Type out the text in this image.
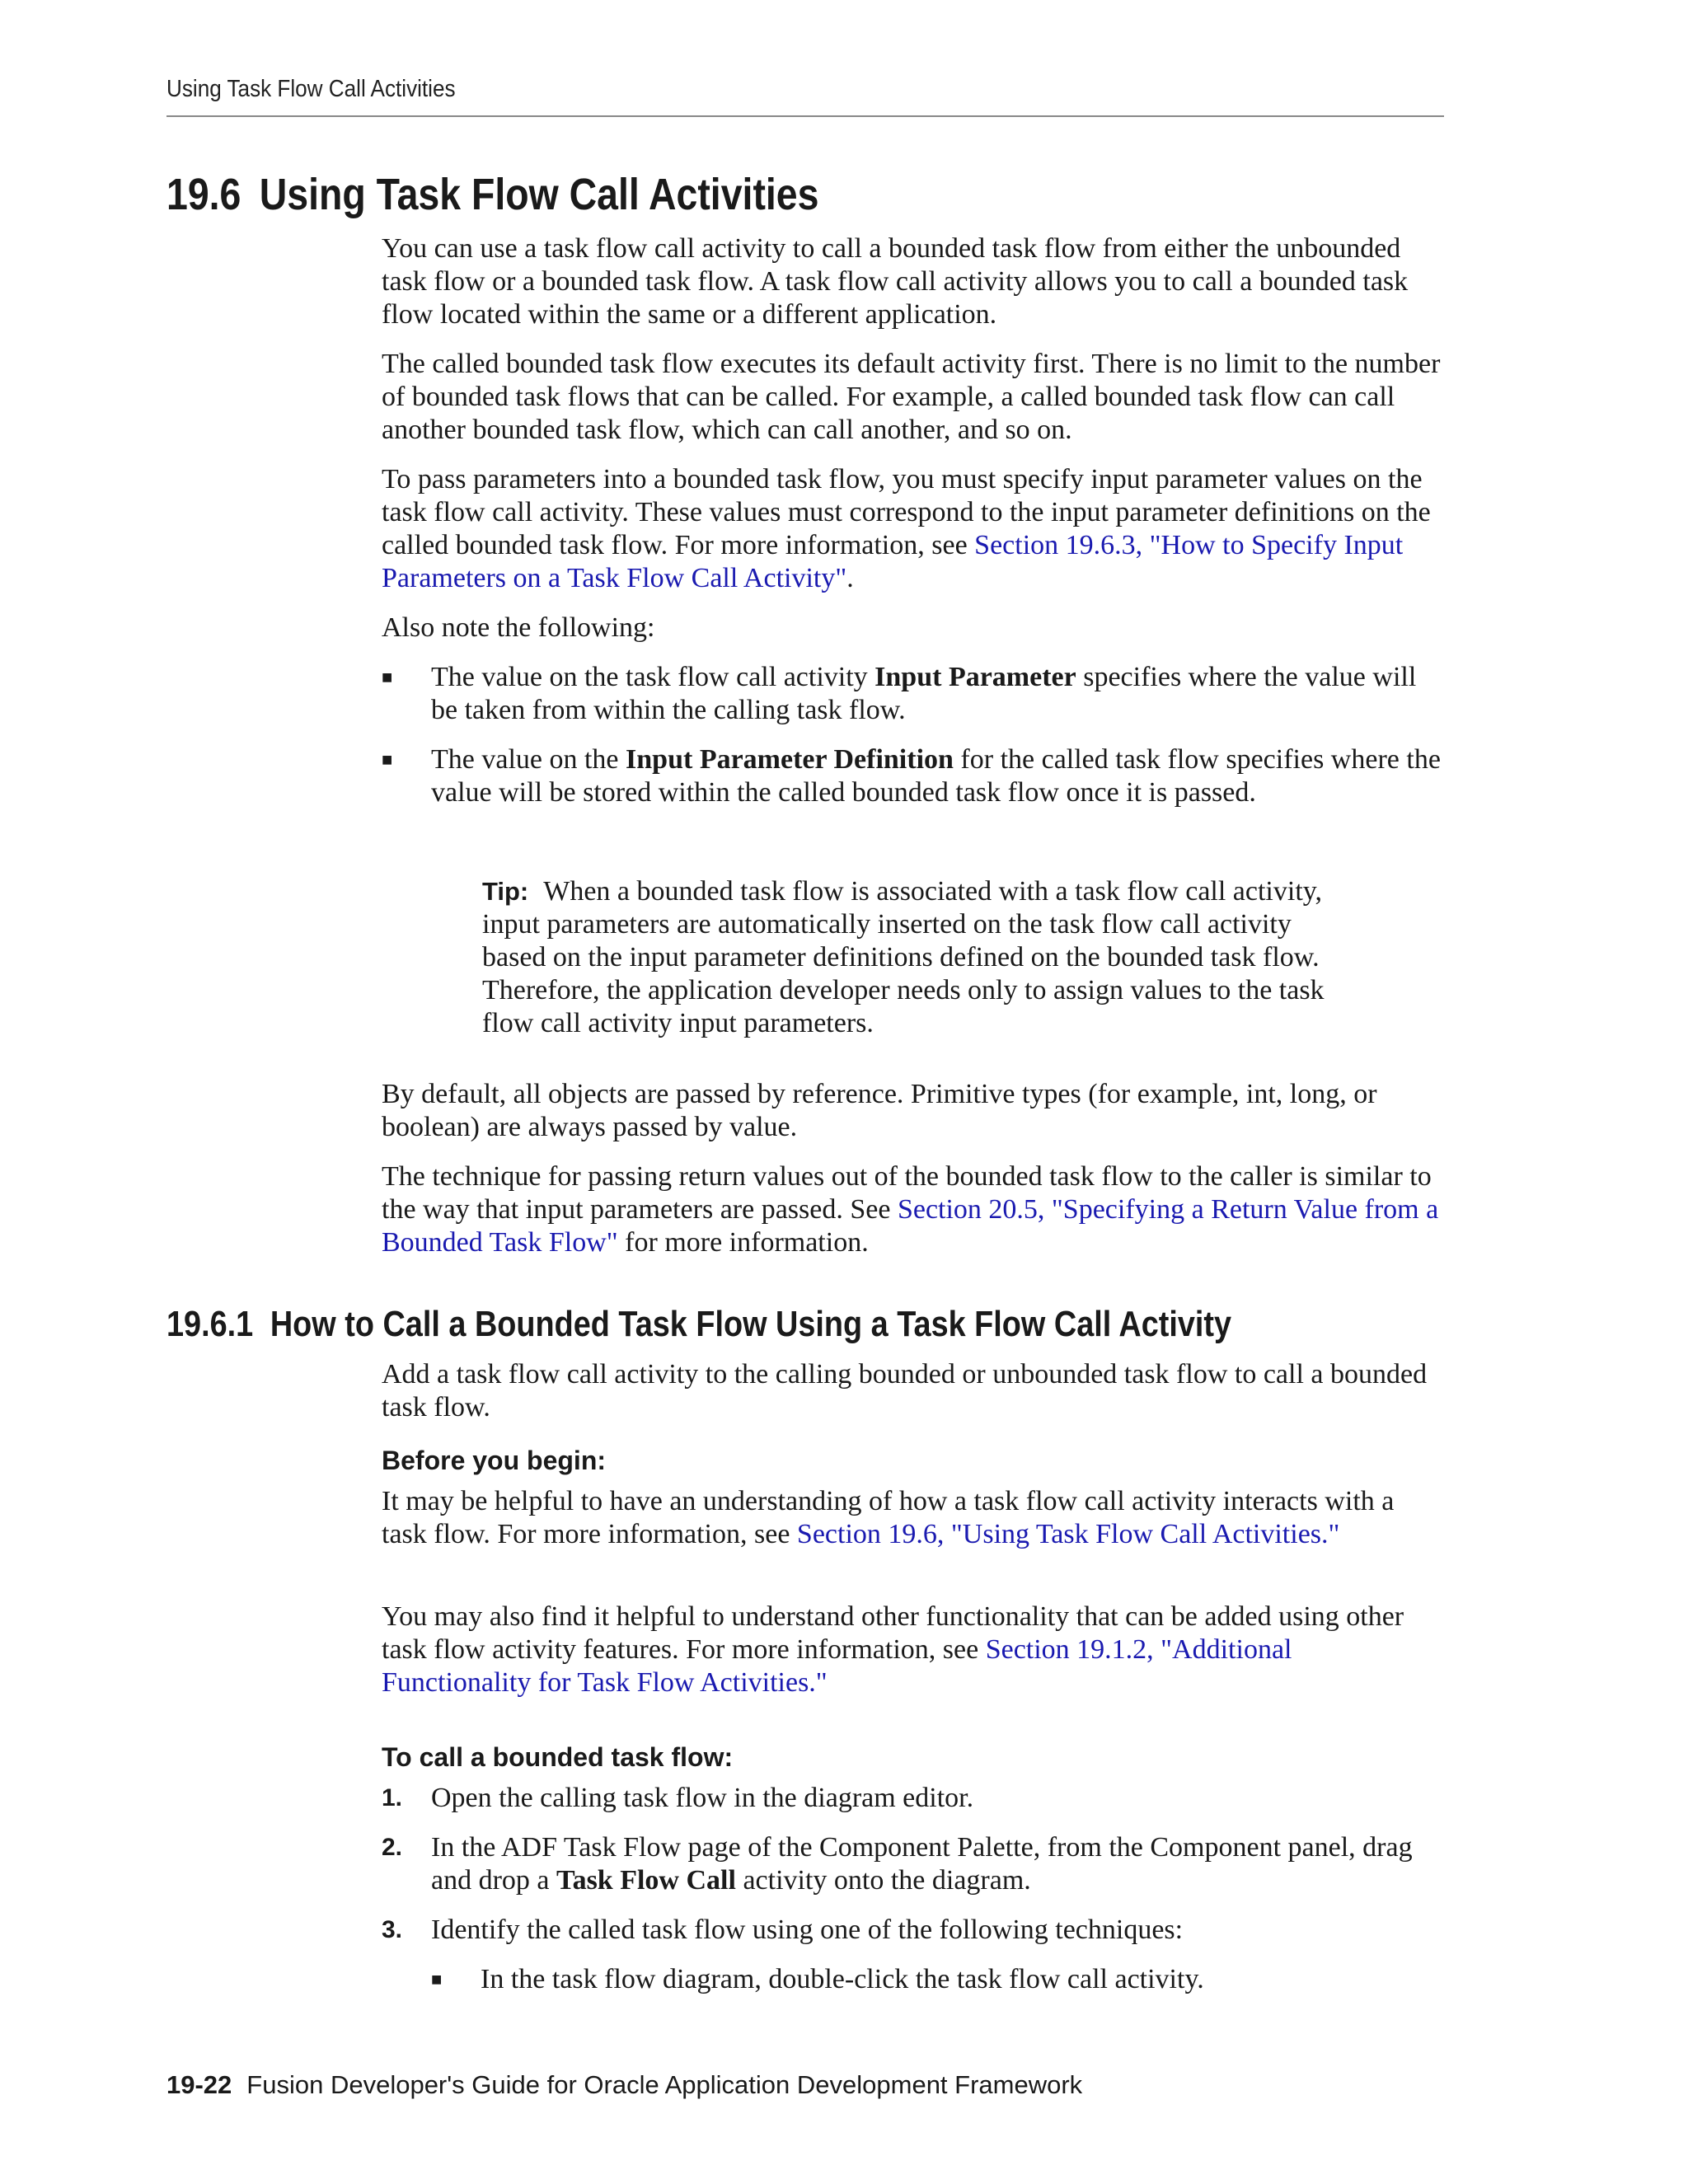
Using Task Flow Call Activities
19.6 Using Task Flow Call Activities

You can use a task flow call activity to call a bounded task flow from either the unbounded task flow or a bounded task flow. A task flow call activity allows you to call a bounded task flow located within the same or a different application.

The called bounded task flow executes its default activity first. There is no limit to the number of bounded task flows that can be called. For example, a called bounded task flow can call another bounded task flow, which can call another, and so on.

To pass parameters into a bounded task flow, you must specify input parameter values on the task flow call activity. These values must correspond to the input parameter definitions on the called bounded task flow. For more information, see Section 19.6.3, "How to Specify Input Parameters on a Task Flow Call Activity".

Also note the following:

■ The value on the task flow call activity Input Parameter specifies where the value will be taken from within the calling task flow.
■ The value on the Input Parameter Definition for the called task flow specifies where the value will be stored within the called bounded task flow once it is passed.
Tip: When a bounded task flow is associated with a task flow call activity, input parameters are automatically inserted on the task flow call activity based on the input parameter definitions defined on the bounded task flow. Therefore, the application developer needs only to assign values to the task flow call activity input parameters.

By default, all objects are passed by reference. Primitive types (for example, int, long, or boolean) are always passed by value.

The technique for passing return values out of the bounded task flow to the caller is similar to the way that input parameters are passed. See Section 20.5, "Specifying a Return Value from a Bounded Task Flow" for more information.

19.6.1 How to Call a Bounded Task Flow Using a Task Flow Call Activity

Add a task flow call activity to the calling bounded or unbounded task flow to call a bounded task flow.

Before you begin:

It may be helpful to have an understanding of how a task flow call activity interacts with a task flow. For more information, see Section 19.6, "Using Task Flow Call Activities."

You may also find it helpful to understand other functionality that can be added using other task flow activity features. For more information, see Section 19.1.2, "Additional Functionality for Task Flow Activities."

To call a bounded task flow:
1. Open the calling task flow in the diagram editor.
2. In the ADF Task Flow page of the Component Palette, from the Component panel, drag and drop a Task Flow Call activity onto the diagram.
3. Identify the called task flow using one of the following techniques:
■ In the task flow diagram, double-click the task flow call activity.
19-22 Fusion Developer's Guide for Oracle Application Development Framework
